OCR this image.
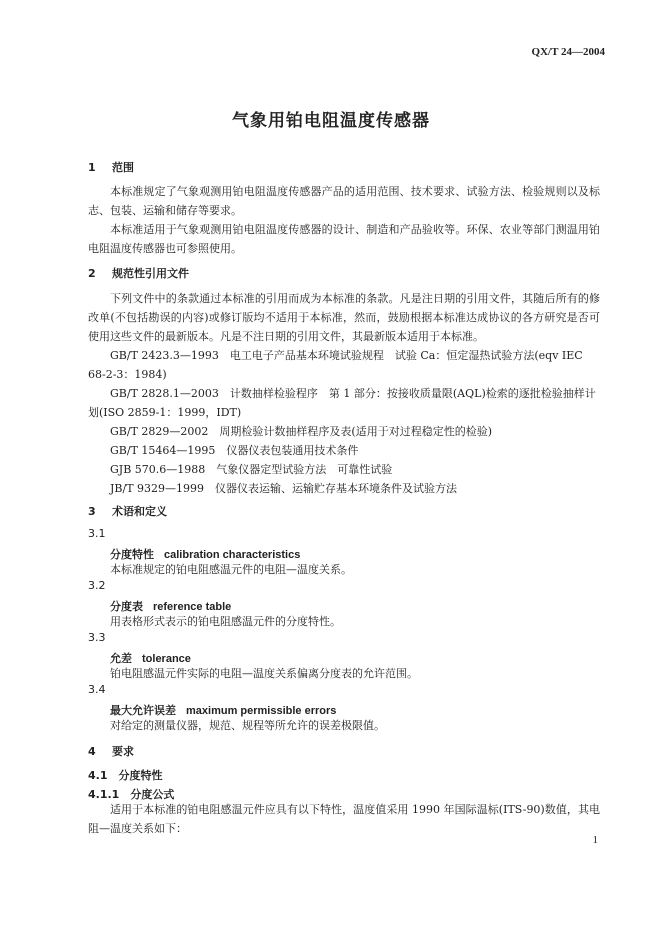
QX/T 24—2004
气象用铂电阻温度传感器
1 范围
本标准规定了气象观测用铂电阻温度传感器产品的适用范围、技术要求、试验方法、检验规则以及标志、包装、运输和储存等要求。
本标准适用于气象观测用铂电阻温度传感器的设计、制造和产品验收等。环保、农业等部门测温用铂电阻温度传感器也可参照使用。
2 规范性引用文件
下列文件中的条款通过本标准的引用而成为本标准的条款。凡是注日期的引用文件，其随后所有的修改单(不包括勘误的内容)或修订版均不适用于本标准，然而，鼓励根据本标准达成协议的各方研究是否可使用这些文件的最新版本。凡是不注日期的引用文件，其最新版本适用于本标准。
GB/T 2423.3—1993　电工电子产品基本环境试验规程　试验 Ca：恒定湿热试验方法(eqv IEC 68-2-3：1984)
GB/T 2828.1—2003　计数抽样检验程序　第 1 部分：按接收质量限(AQL)检索的逐批检验抽样计划(ISO 2859-1：1999，IDT)
GB/T 2829—2002　周期检验计数抽样程序及表(适用于对过程稳定性的检验)
GB/T 15464—1995　仪器仪表包装通用技术条件
GJB 570.6—1988　气象仪器定型试验方法　可靠性试验
JB/T 9329—1999　仪器仪表运输、运输贮存基本环境条件及试验方法
3 术语和定义
3.1
分度特性 calibration characteristics
本标准规定的铂电阻感温元件的电阻—温度关系。
3.2
分度表 reference table
用表格形式表示的铂电阻感温元件的分度特性。
3.3
允差 tolerance
铂电阻感温元件实际的电阻—温度关系偏离分度表的允许范围。
3.4
最大允许误差 maximum permissible errors
对给定的测量仪器，规范、规程等所允许的误差极限值。
4 要求
4.1　分度特性
4.1.1　分度公式
适用于本标准的铂电阻感温元件应具有以下特性，温度值采用 1990 年国际温标(ITS-90)数值，其电阻—温度关系如下：
1
